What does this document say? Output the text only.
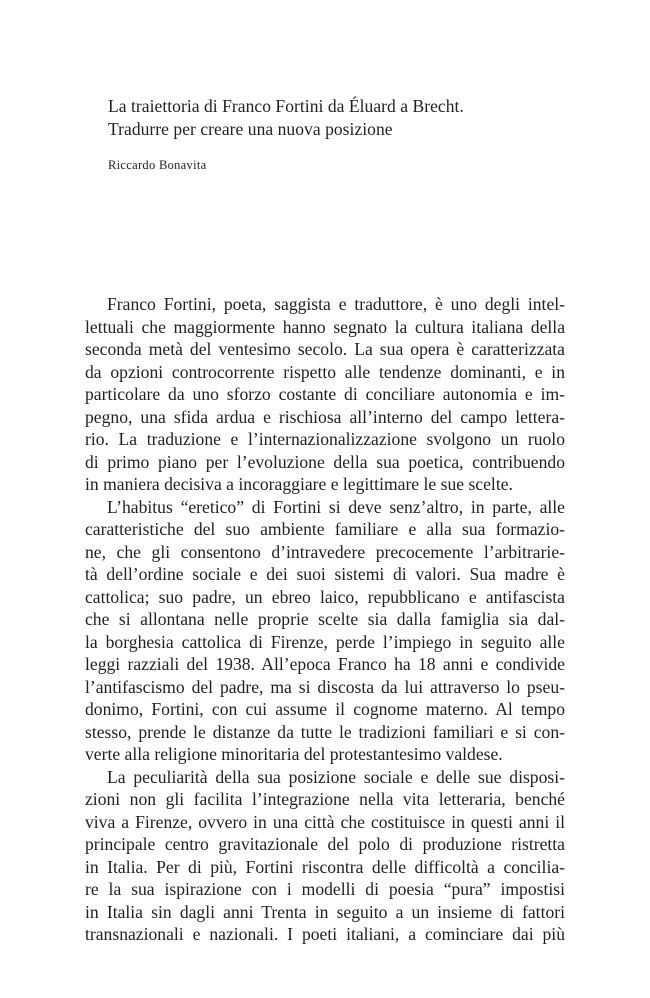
La traiettoria di Franco Fortini da Éluard a Brecht.
Tradurre per creare una nuova posizione
Riccardo Bonavita
Franco Fortini, poeta, saggista e traduttore, è uno degli intel-
lettuali che maggiormente hanno segnato la cultura italiana della
seconda metà del ventesimo secolo. La sua opera è caratterizzata
da opzioni controcorrente rispetto alle tendenze dominanti, e in
particolare da uno sforzo costante di conciliare autonomia e im-
pegno, una sfida ardua e rischiosa all’interno del campo lettera-
rio. La traduzione e l’internazionalizzazione svolgono un ruolo
di primo piano per l’evoluzione della sua poetica, contribuendo
in maniera decisiva a incoraggiare e legittimare le sue scelte.
L’habitus “eretico” di Fortini si deve senz’altro, in parte, alle
caratteristiche del suo ambiente familiare e alla sua formazio-
ne, che gli consentono d’intravedere precocemente l’arbitrarie-
tà dell’ordine sociale e dei suoi sistemi di valori. Sua madre è
cattolica; suo padre, un ebreo laico, repubblicano e antifascista
che si allontana nelle proprie scelte sia dalla famiglia sia dal-
la borghesia cattolica di Firenze, perde l’impiego in seguito alle
leggi razziali del 1938. All’epoca Franco ha 18 anni e condivide
l’antifascismo del padre, ma si discosta da lui attraverso lo pseu-
donimo, Fortini, con cui assume il cognome materno. Al tempo
stesso, prende le distanze da tutte le tradizioni familiari e si con-
verte alla religione minoritaria del protestantesimo valdese.
La peculiarità della sua posizione sociale e delle sue disposi-
zioni non gli facilita l’integrazione nella vita letteraria, benché
viva a Firenze, ovvero in una città che costituisce in questi anni il
principale centro gravitazionale del polo di produzione ristretta
in Italia. Per di più, Fortini riscontra delle difficoltà a concilia-
re la sua ispirazione con i modelli di poesia “pura” impostisi
in Italia sin dagli anni Trenta in seguito a un insieme di fattori
transnazionali e nazionali. I poeti italiani, a cominciare dai più
